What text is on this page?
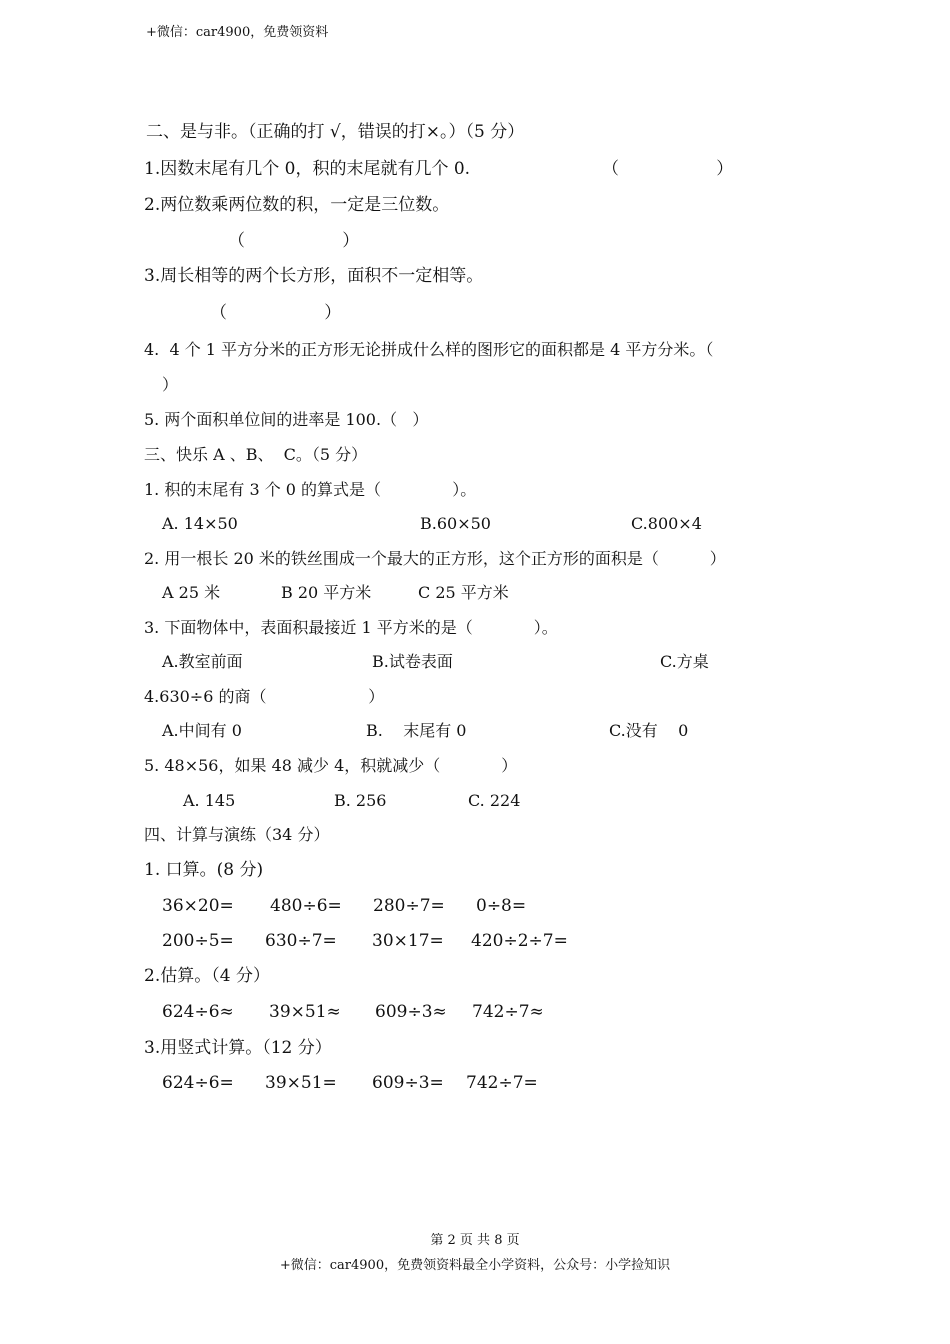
+微信：car4900，免费领资料
二、是与非。（正确的打 √，错误的打×。）（5 分）
1.因数末尾有几个 0，积的末尾就有几个 0.	（                  ）
2.两位数乘两位数的积，一定是三位数。
（                  ）
3.周长相等的两个长方形，面积不一定相等。
（                  ）
4.  4 个 1 平方分米的正方形无论拼成什么样的图形它的面积都是 4 平方分米。（
）
5. 两个面积单位间的进率是 100.（   ）
三、快乐 A 、B、  C。（5 分）
1. 积的末尾有 3 个 0 的算式是（              ）。
A. 14×50	B.60×50	C.800×4
2. 用一根长 20 米的铁丝围成一个最大的正方形，这个正方形的面积是（          ）
A 25 米	B 20 平方米	C 25 平方米
3. 下面物体中，表面积最接近 1 平方米的是（            ）。
A.教室前面	B.试卷表面	C.方桌
4.630÷6 的商（                    ）
A.中间有 0	B.    末尾有 0	C.没有    0
5. 48×56，如果 48 减少 4，积就减少（            ）
A. 145	B. 256	C. 224
四、计算与演练（34 分）
1. 口算。(8 分)
36×20= 480÷6= 280÷7= 0÷8=
200÷5= 630÷7= 30×17= 420÷2÷7=
2.估算。（4 分）
624÷6≈ 39×51≈ 609÷3≈ 742÷7≈
3.用竖式计算。（12 分）
624÷6= 39×51= 609÷3= 742÷7=
第 2 页 共 8 页
+微信：car4900，免费领资料最全小学资料，公众号：小学捡知识
